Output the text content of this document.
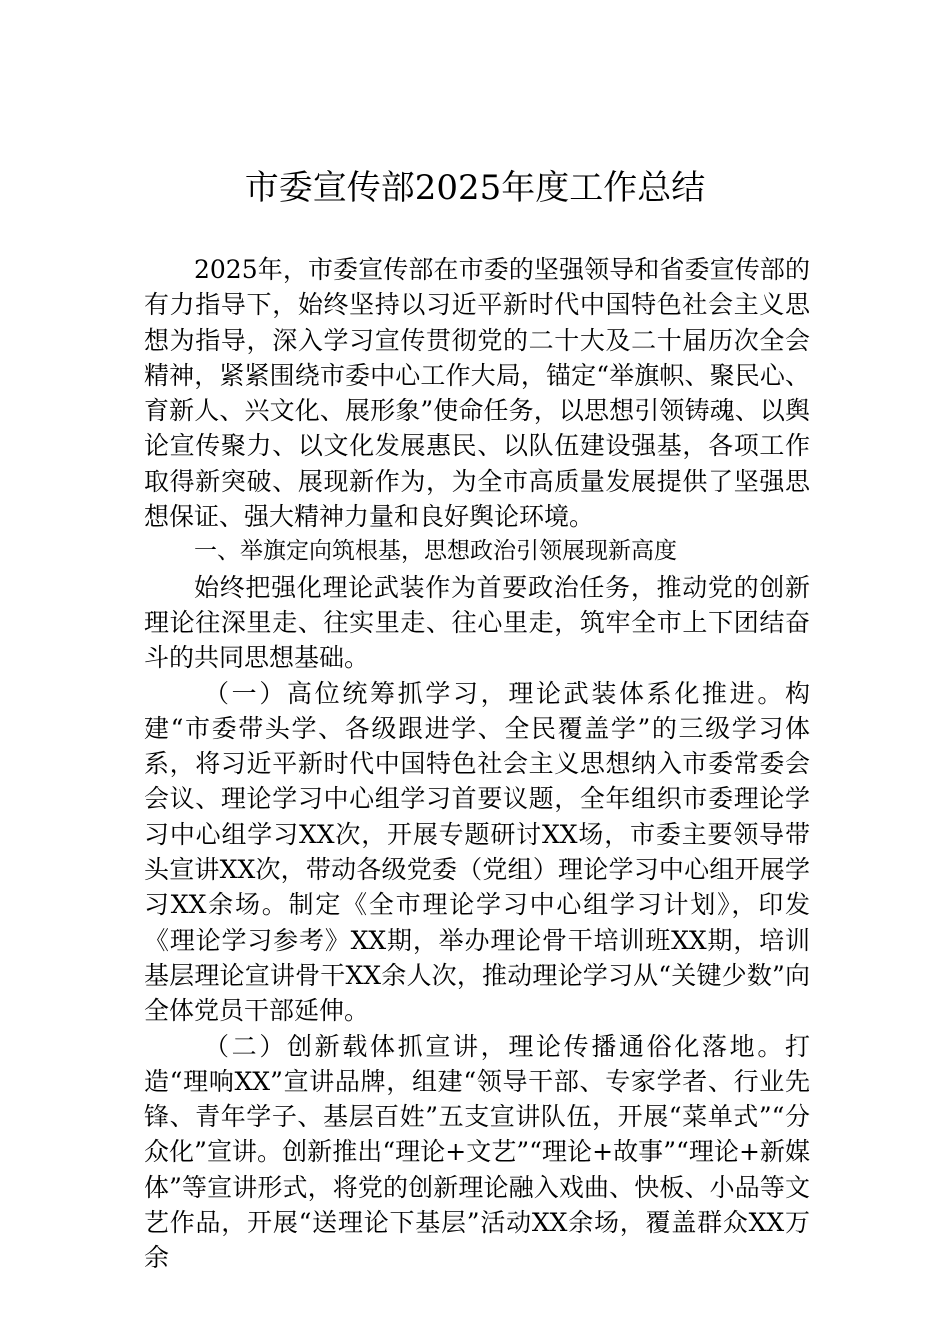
市委宣传部2025年度工作总结

2025年，市委宣传部在市委的坚强领导和省委宣传部的有力指导下，始终坚持以习近平新时代中国特色社会主义思想为指导，深入学习宣传贯彻党的二十大及二十届历次全会精神，紧紧围绕市委中心工作大局，锚定“举旗帜、聚民心、育新人、兴文化、展形象”使命任务，以思想引领铸魂、以舆论宣传聚力、以文化发展惠民、以队伍建设强基，各项工作取得新突破、展现新作为，为全市高质量发展提供了坚强思想保证、强大精神力量和良好舆论环境。

一、举旗定向筑根基，思想政治引领展现新高度

始终把强化理论武装作为首要政治任务，推动党的创新理论往深里走、往实里走、往心里走，筑牢全市上下团结奋斗的共同思想基础。

（一）高位统筹抓学习，理论武装体系化推进。构建“市委带头学、各级跟进学、全民覆盖学”的三级学习体系，将习近平新时代中国特色社会主义思想纳入市委常委会会议、理论学习中心组学习首要议题，全年组织市委理论学习中心组学习XX次，开展专题研讨XX场，市委主要领导带头宣讲XX次，带动各级党委（党组）理论学习中心组开展学习XX余场。制定《全市理论学习中心组学习计划》，印发《理论学习参考》XX期，举办理论骨干培训班XX期，培训基层理论宣讲骨干XX余人次，推动理论学习从“关键少数”向全体党员干部延伸。

（二）创新载体抓宣讲，理论传播通俗化落地。打造“理响XX”宣讲品牌，组建“领导干部、专家学者、行业先锋、青年学子、基层百姓”五支宣讲队伍，开展“菜单式”“分众化”宣讲。创新推出“理论+文艺”“理论+故事”“理论+新媒体”等宣讲形式，将党的创新理论融入戏曲、快板、小品等文艺作品，开展“送理论下基层”活动XX余场，覆盖群众XX万余
